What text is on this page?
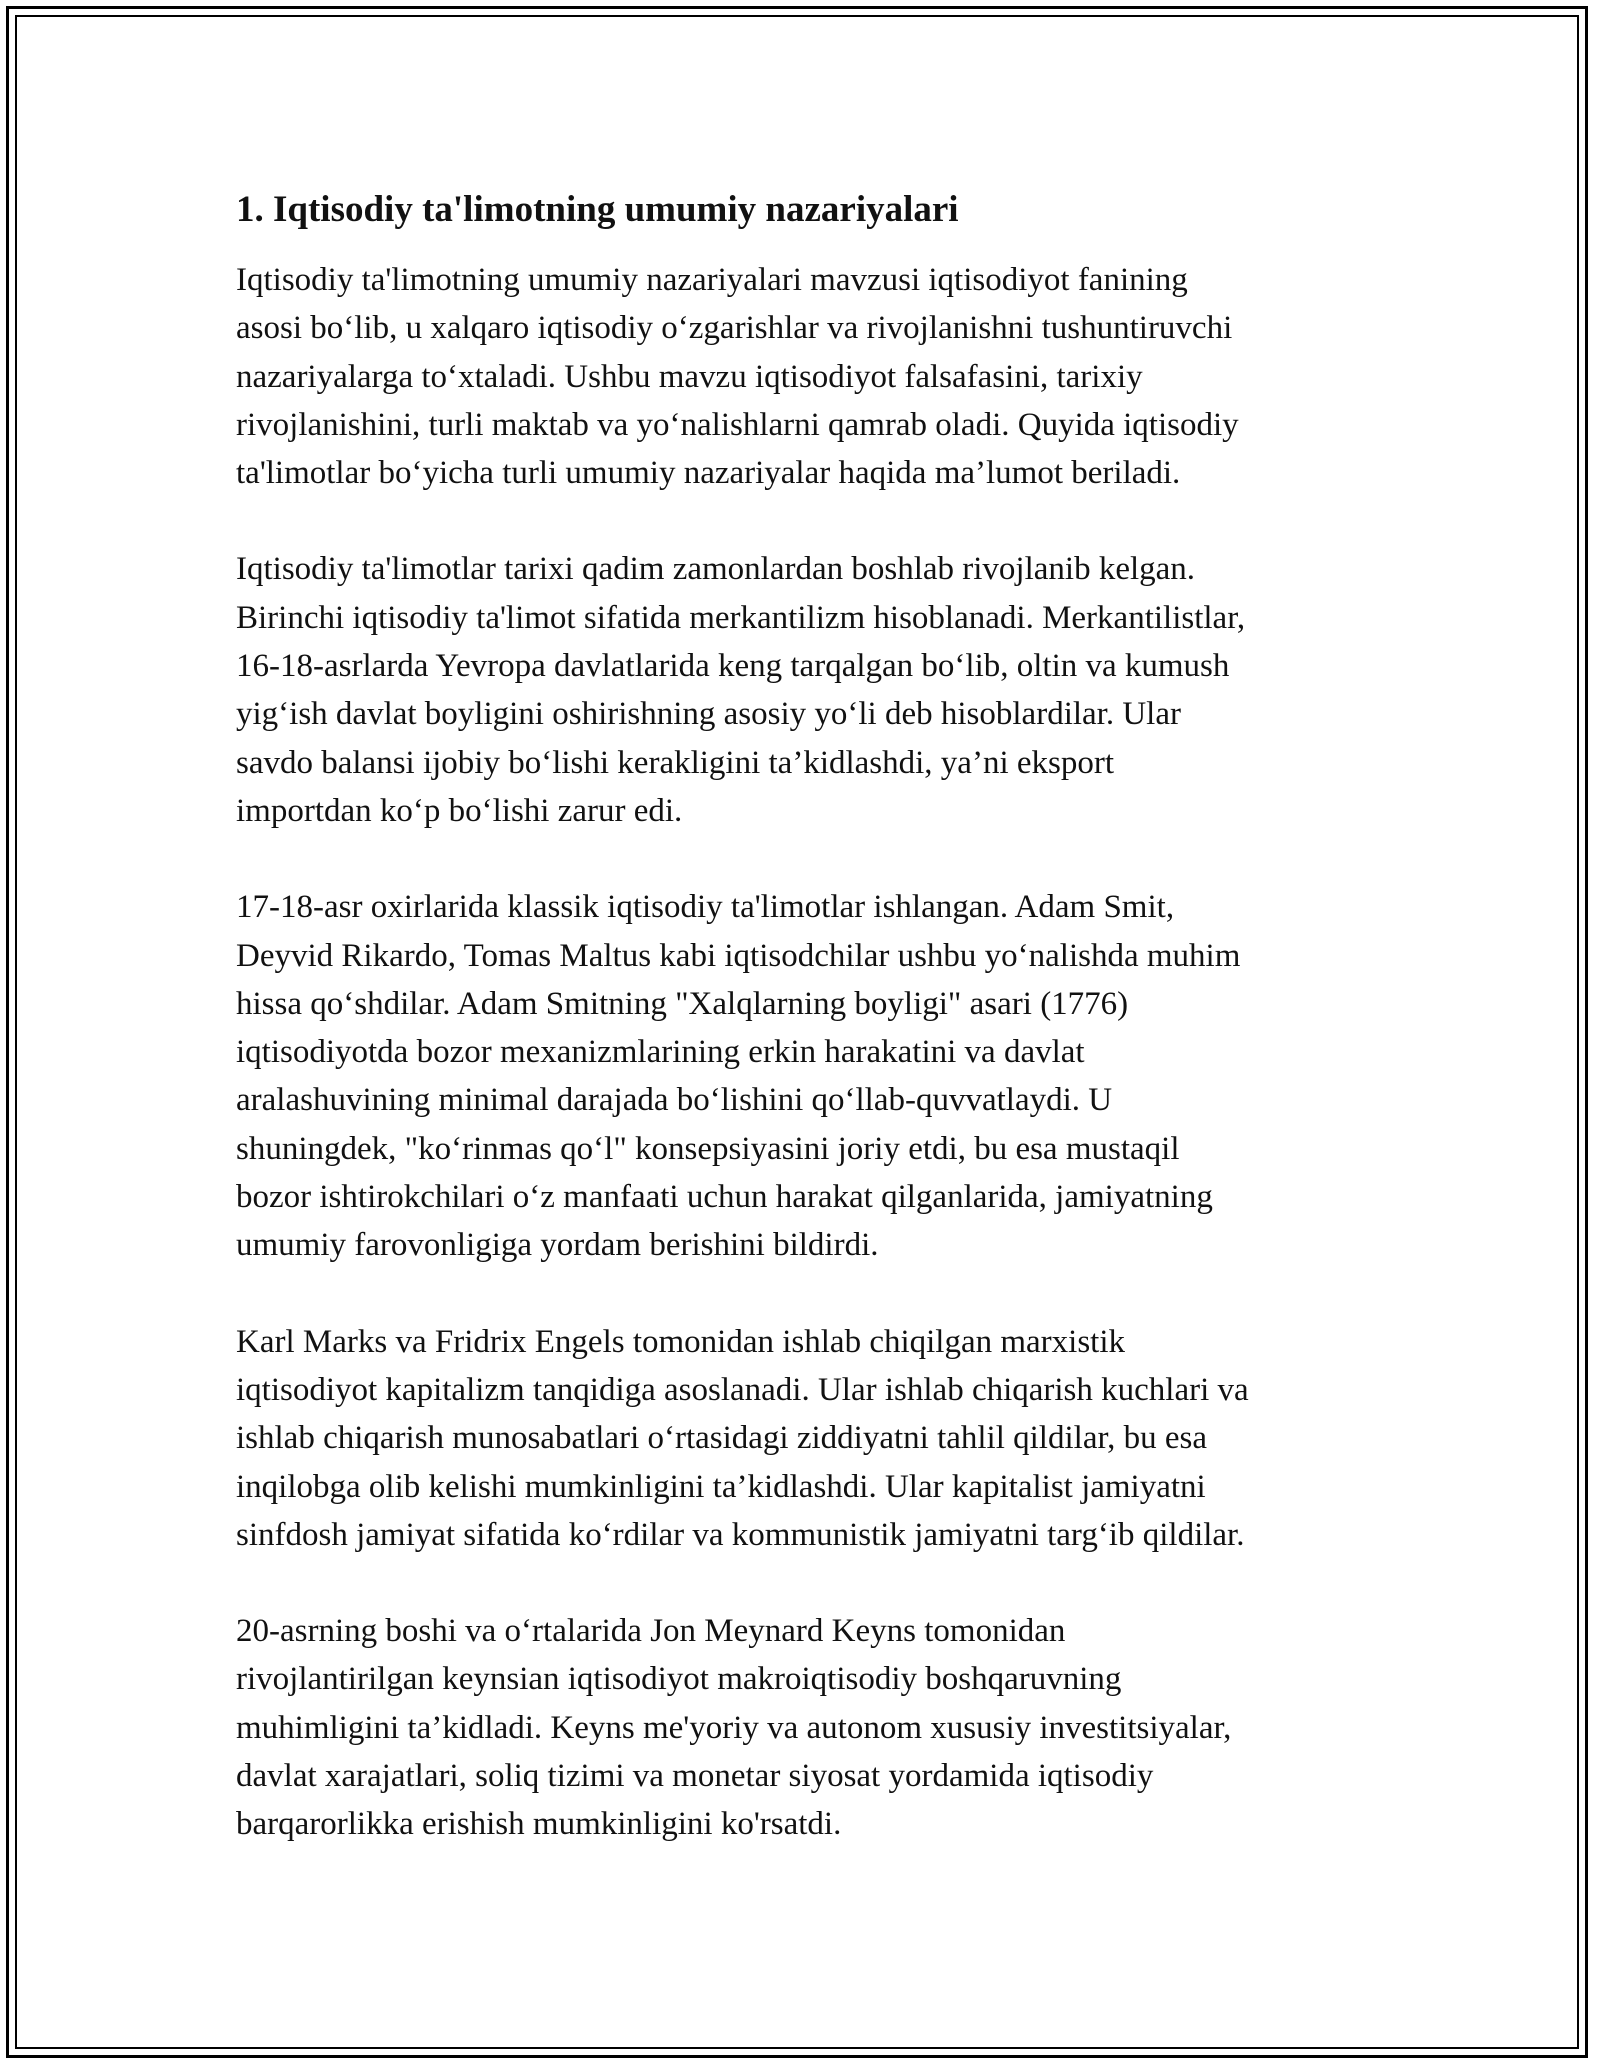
1. Iqtisodiy ta'limotning umumiy nazariyalari

Iqtisodiy ta'limotning umumiy nazariyalari mavzusi iqtisodiyot fanining
asosi bo‘lib, u xalqaro iqtisodiy o‘zgarishlar va rivojlanishni tushuntiruvchi
nazariyalarga to‘xtaladi. Ushbu mavzu iqtisodiyot falsafasini, tarixiy
rivojlanishini, turli maktab va yo‘nalishlarni qamrab oladi. Quyida iqtisodiy
ta'limotlar bo‘yicha turli umumiy nazariyalar haqida ma’lumot beriladi.

Iqtisodiy ta'limotlar tarixi qadim zamonlardan boshlab rivojlanib kelgan.
Birinchi iqtisodiy ta'limot sifatida merkantilizm hisoblanadi. Merkantilistlar,
16-18-asrlarda Yevropa davlatlarida keng tarqalgan bo‘lib, oltin va kumush
yig‘ish davlat boyligini oshirishning asosiy yo‘li deb hisoblardilar. Ular
savdo balansi ijobiy bo‘lishi kerakligini ta’kidlashdi, ya’ni eksport
importdan ko‘p bo‘lishi zarur edi.

17-18-asr oxirlarida klassik iqtisodiy ta'limotlar ishlangan. Adam Smit,
Deyvid Rikardo, Tomas Maltus kabi iqtisodchilar ushbu yo‘nalishda muhim
hissa qo‘shdilar. Adam Smitning "Xalqlarning boyligi" asari (1776)
iqtisodiyotda bozor mexanizmlarining erkin harakatini va davlat
aralashuvining minimal darajada bo‘lishini qo‘llab-quvvatlaydi. U
shuningdek, "ko‘rinmas qo‘l" konsepsiyasini joriy etdi, bu esa mustaqil
bozor ishtirokchilari o‘z manfaati uchun harakat qilganlarida, jamiyatning
umumiy farovonligiga yordam berishini bildirdi.

Karl Marks va Fridrix Engels tomonidan ishlab chiqilgan marxistik
iqtisodiyot kapitalizm tanqidiga asoslanadi. Ular ishlab chiqarish kuchlari va
ishlab chiqarish munosabatlari o‘rtasidagi ziddiyatni tahlil qildilar, bu esa
inqilobga olib kelishi mumkinligini ta’kidlashdi. Ular kapitalist jamiyatni
sinfdosh jamiyat sifatida ko‘rdilar va kommunistik jamiyatni targ‘ib qildilar.

20-asrning boshi va o‘rtalarida Jon Meynard Keyns tomonidan
rivojlantirilgan keynsian iqtisodiyot makroiqtisodiy boshqaruvning
muhimligini ta’kidladi. Keyns me'yoriy va autonom xususiy investitsiyalar,
davlat xarajatlari, soliq tizimi va monetar siyosat yordamida iqtisodiy
barqarorlikka erishish mumkinligini ko'rsatdi.
